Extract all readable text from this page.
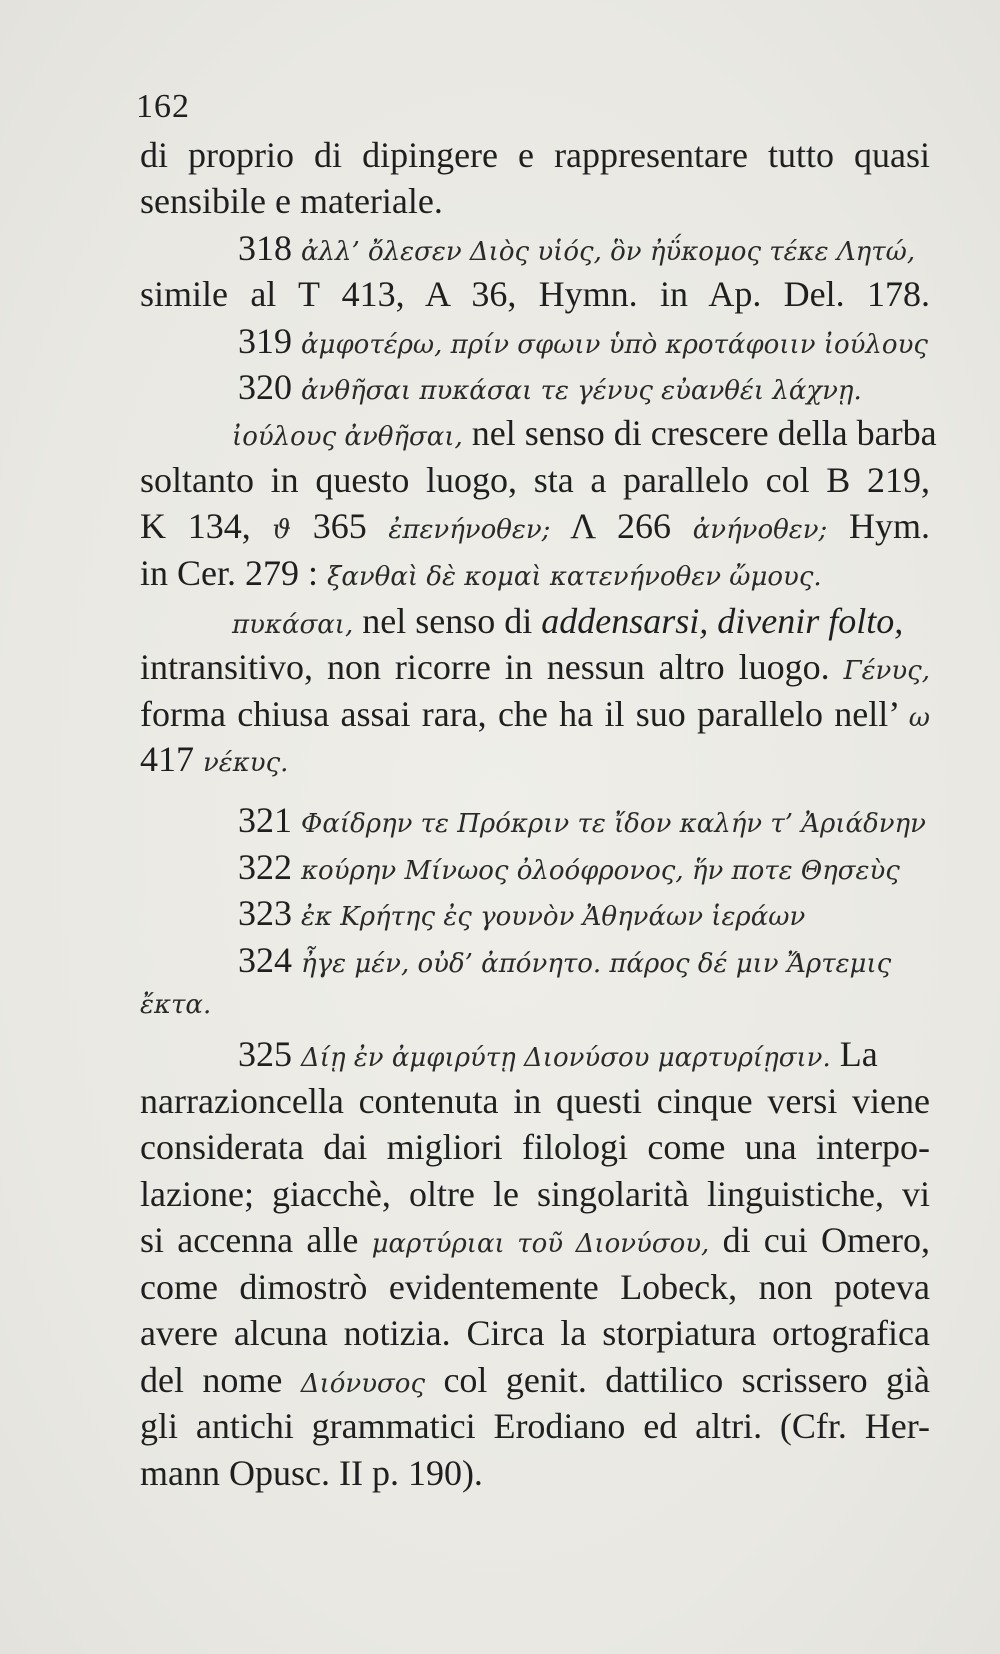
162
di proprio di dipingere e rappresentare tutto quasi
sensibile e materiale.
318 ἀλλ’ ὄλεσεν Διὸς υἱός, ὃν ἠΰκομος τέκε Λητώ,
simile al T 413, A 36, Hymn. in Ap. Del. 178.
319 ἀμφοτέρω, πρίν σφωιν ὑπὸ κροτάφοιιν ἰούλους
320 ἀνθῆσαι πυκάσαι τε γένυς εὐανθέι λάχνῃ.
ἰούλους ἀνθῆσαι, nel senso di crescere della barba
soltanto in questo luogo, sta a parallelo col B 219,
K 134, ϑ 365 ἐπενήνοθεν; Λ 266 ἀνήνοθεν; Hym.
in Cer. 279 : ξανθαὶ δὲ κομαὶ κατενήνοθεν ὤμους.
πυκάσαι, nel senso di addensarsi, divenir folto,
intransitivo, non ricorre in nessun altro luogo. Γένυς,
forma chiusa assai rara, che ha il suo parallelo nell’ ω
417 νέκυς.
321 Φαίδρην τε Πρόκριν τε ἴδον καλήν τ’ Ἀριάδνην
322 κούρην Μίνωος ὀλοόφρονος, ἥν ποτε Θησεὺς
323 ἐκ Κρήτης ἐς γουνὸν Ἀθηνάων ἱεράων
324 ἦγε μέν, οὐδ’ ἀπόνητο. πάρος δέ μιν Ἄρτεμις
ἔκτα.
325 Δίῃ ἐν ἀμφιρύτῃ Διονύσου μαρτυρίῃσιν. La
narrazioncella contenuta in questi cinque versi viene
considerata dai migliori filologi come una interpo-
lazione; giacchè, oltre le singolarità linguistiche, vi
si accenna alle μαρτύριαι τοῦ Διονύσου, di cui Omero,
come dimostrò evidentemente Lobeck, non poteva
avere alcuna notizia. Circa la storpiatura ortografica
del nome Διόνυσος col genit. dattilico scrissero già
gli antichi grammatici Erodiano ed altri. (Cfr. Her-
mann Opusc. II p. 190).
